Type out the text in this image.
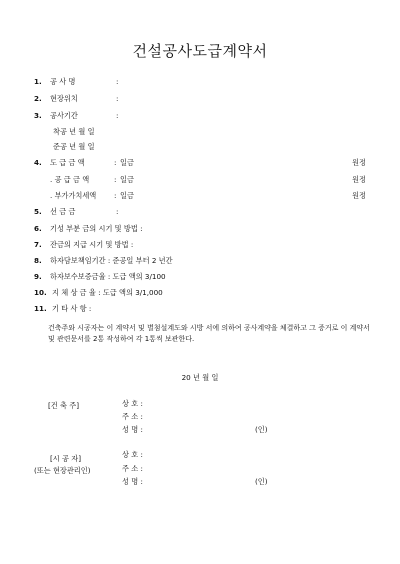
건설공사도급계약서
1.	공 사 명	:
2.	현장위치	:
3.	공사기간	:
착공 년 월 일
준공 년 월 일
4.	도 급 금 액	: 일금	원정
. 공 급 금 액	: 일금	원정
. 부가가치세액 : 일금	원정
5.	선 금 금	:
6.	기성 부분 금의 시기 및 방법 :
7.	잔금의 지급 시기 및 방법 :
8.	하자담보책임기간 : 준공일 부터 2 년간
9.	하자보수보증금율 : 도급 액의 3/100
10. 지 체 상 금 율 : 도급 액의 3/1,000
11. 기 타 사 항 :
건축주와 시공자는 이 계약서 및 별첨설계도와 시방 서에 의하여 공사계약을 체결하고 그 증거로 이 계약서 및 관련문서를 2통 작성하여 각 1통씩 보관한다.
20 년 월 일
[건 축 주]	상 호 :
주 소 :
성 명 :	(인)
[시 공 자]
(또는 현장관리인)
상 호 :
주 소 :
성 명 :	(인)
